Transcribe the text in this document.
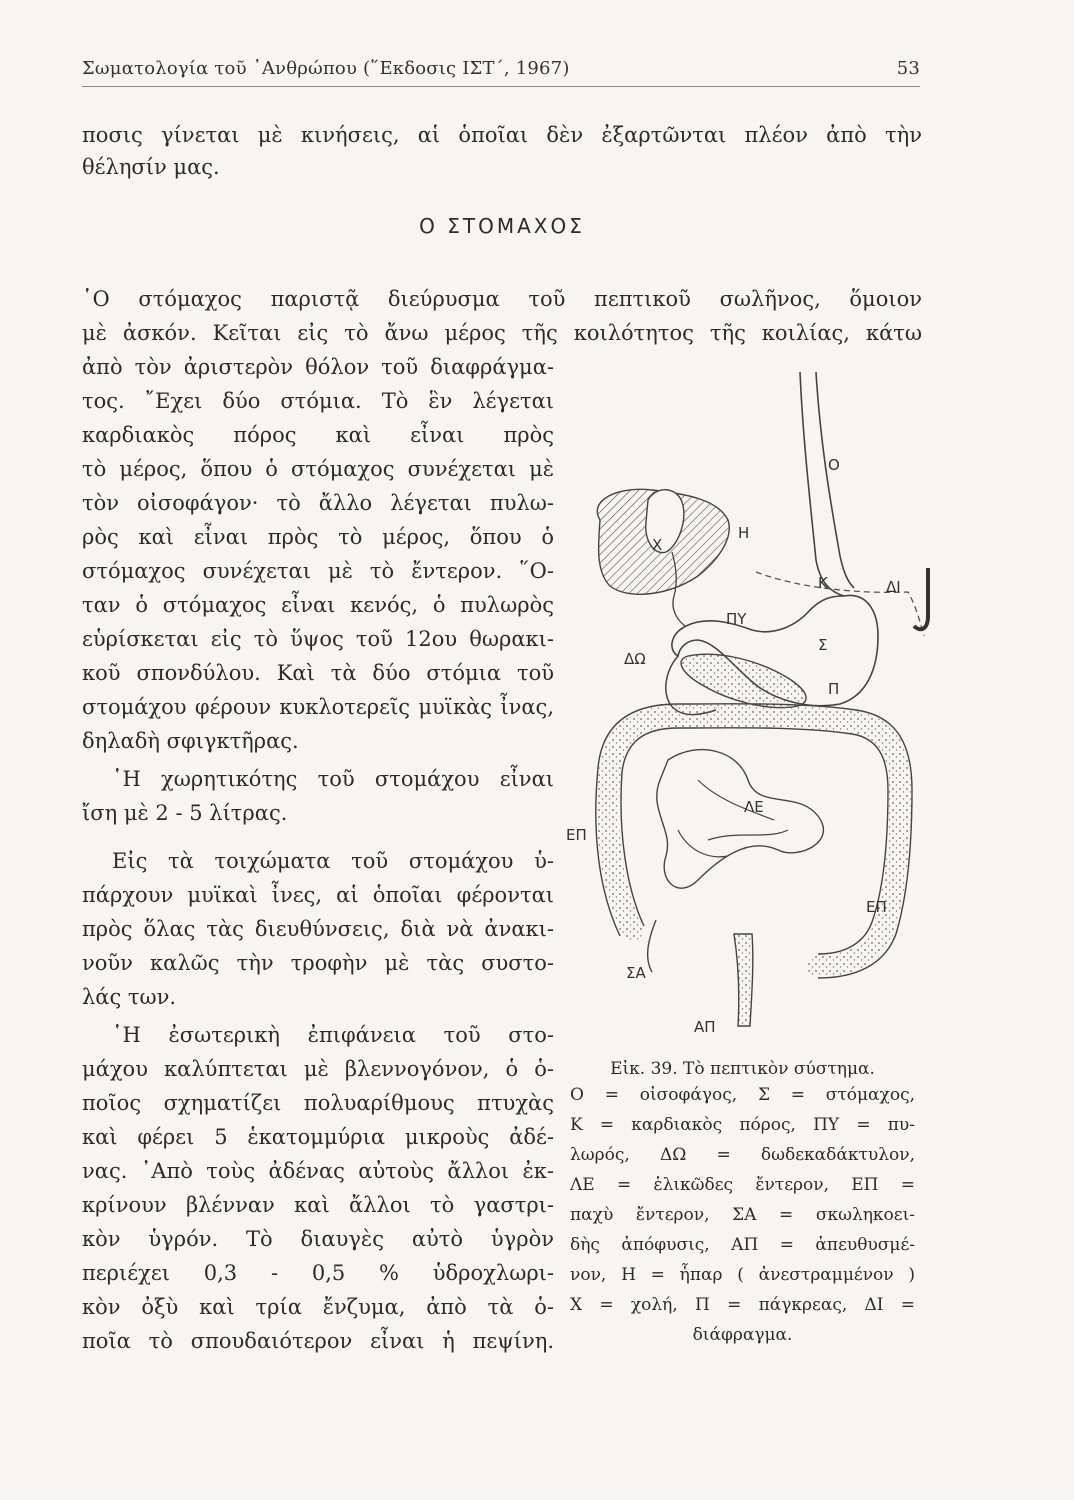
Σωματολογία τοῦ ᾿Ανθρώπου (῞Εκδοσις ΙΣΤ΄, 1967)	53
ποσις γίνεται μὲ κινήσεις, αἱ ὁποῖαι δὲν ἐξαρτῶνται πλέον ἀπὸ τὴν
θέλησίν μας.
Ο ΣΤΟΜΑΧΟΣ
῾Ο στόμαχος παριστᾷ διεύρυσμα τοῦ πεπτικοῦ σωλῆνος, ὅμοιον
μὲ ἀσκόν. Κεῖται εἰς τὸ ἄνω μέρος τῆς κοιλότητος τῆς κοιλίας, κάτω
ἀπὸ τὸν ἀριστερὸν θόλον τοῦ διαφράγμα-
τος. ῎Εχει δύο στόμια. Τὸ ἓν λέγεται
καρδιακὸς πόρος καὶ εἶναι πρὸς
τὸ μέρος, ὅπου ὁ στόμαχος συνέχεται μὲ
τὸν οἰσοφάγον· τὸ ἄλλο λέγεται πυλω-
ρὸς καὶ εἶναι πρὸς τὸ μέρος, ὅπου ὁ
στόμαχος συνέχεται μὲ τὸ ἔντερον. ῞Ο-
ταν ὁ στόμαχος εἶναι κενός, ὁ πυλωρὸς
εὑρίσκεται εἰς τὸ ὕψος τοῦ 12ου θωρακι-
κοῦ σπονδύλου. Καὶ τὰ δύο στόμια τοῦ
στομάχου φέρουν κυκλοτερεῖς μυϊκὰς ἶνας,
δηλαδὴ σφιγκτῆρας.
῾Η χωρητικότης τοῦ στομάχου εἶναι
ἴση μὲ 2 - 5 λίτρας.
Εἰς τὰ τοιχώματα τοῦ στομάχου ὑ-
πάρχουν μυϊκαὶ ἶνες, αἱ ὁποῖαι φέρονται
πρὸς ὅλας τὰς διευθύνσεις, διὰ νὰ ἀνακι-
νοῦν καλῶς τὴν τροφὴν μὲ τὰς συστο-
λάς των.
῾Η ἐσωτερικὴ ἐπιφάνεια τοῦ στο-
μάχου καλύπτεται μὲ βλεννογόνον, ὁ ὁ-
ποῖος σχηματίζει πολυαρίθμους πτυχὰς
καὶ φέρει 5 ἑκατομμύρια μικροὺς ἀδέ-
νας. ᾿Απὸ τοὺς ἀδένας αὐτοὺς ἄλλοι ἐκ-
κρίνουν βλένναν καὶ ἄλλοι τὸ γαστρι-
κὸν ὑγρόν. Τὸ διαυγὲς αὐτὸ ὑγρὸν
περιέχει 0,3 - 0,5 % ὑδροχλωρι-
κὸν ὀξὺ καὶ τρία ἔνζυμα, ἀπὸ τὰ ὁ-
ποῖα τὸ σπουδαιότερον εἶναι ἡ πεψίνη.
Ο
Η
Χ
Κ	ΔΙ
ΠΥ
Σ
ΔΩ
Π
ΛΕ
ΕΠ
ΕΠ
ΣΑ
ΑΠ
Εἰκ. 39. Τὸ πεπτικὸν σύστημα.
Ο = οἰσοφάγος, Σ = στόμαχος,
Κ = καρδιακὸς πόρος, ΠΥ = πυ-
λωρός, ΔΩ = δωδεκαδάκτυλον,
ΛΕ = ἑλικῶδες ἔντερον, ΕΠ =
παχὺ ἔντερον, ΣΑ = σκωληκοει-
δὴς ἀπόφυσις, ΑΠ = ἀπευθυσμέ-
νον, Η = ἧπαρ ( ἀνεστραμμένον )
Χ = χολή, Π = πάγκρεας, ΔΙ =
διάφραγμα.
